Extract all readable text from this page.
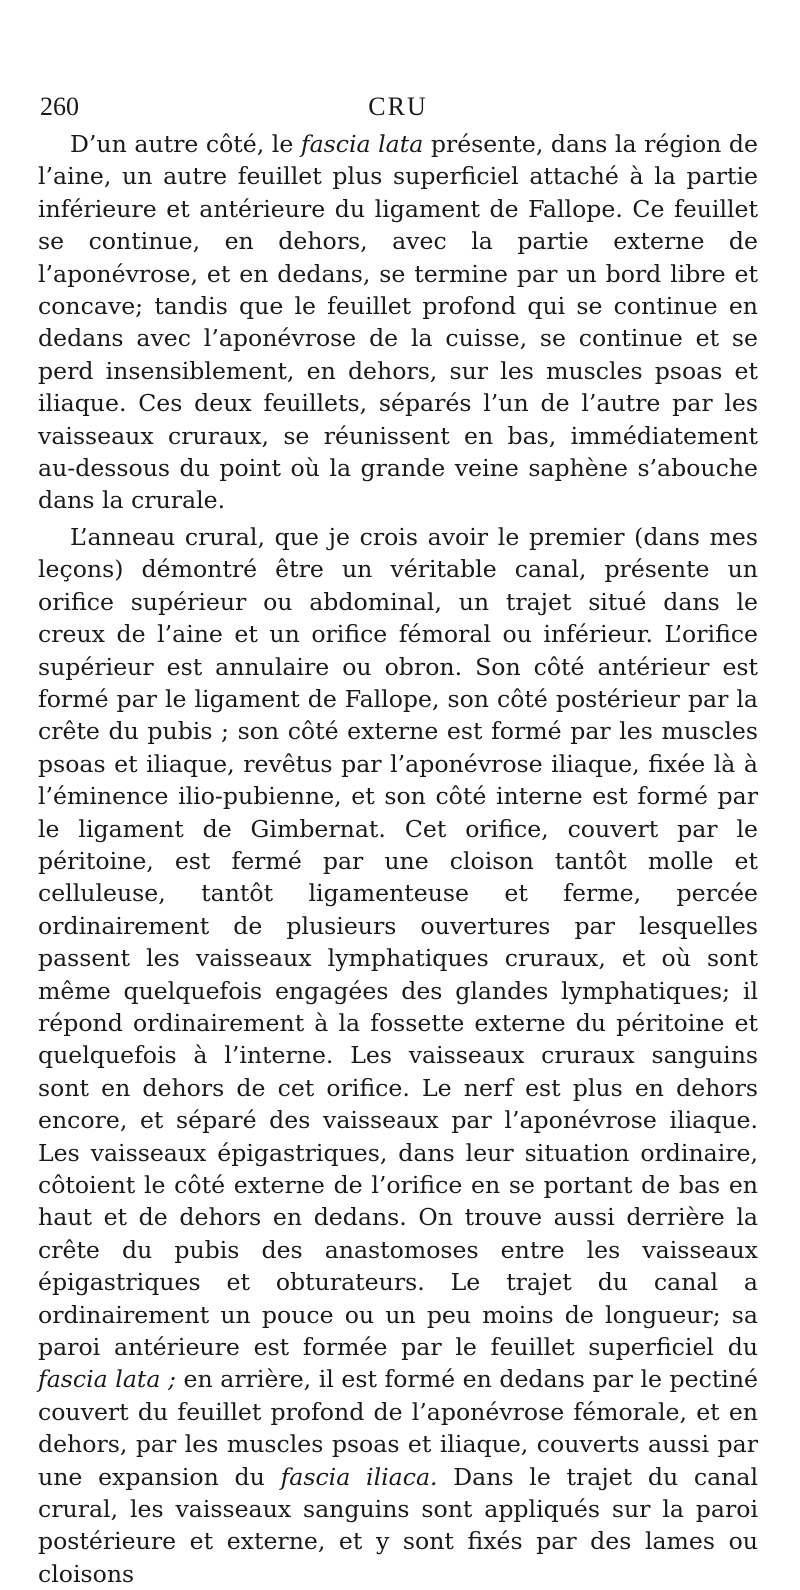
260	CRU

D’un autre côté, le fascia lata présente, dans la région de l’aine, un autre feuillet plus superficiel attaché à la partie inférieure et antérieure du ligament de Fallope. Ce feuillet se continue, en dehors, avec la partie externe de l’aponévrose, et en dedans, se termine par un bord libre et concave; tandis que le feuillet profond qui se continue en dedans avec l’aponévrose de la cuisse, se continue et se perd insensiblement, en dehors, sur les muscles psoas et iliaque. Ces deux feuillets, séparés l’un de l’autre par les vaisseaux cruraux, se réunissent en bas, immédiatement au-dessous du point où la grande veine saphène s’abouche dans la crurale.

L’anneau crural, que je crois avoir le premier (dans mes leçons) démontré être un véritable canal, présente un orifice supérieur ou abdominal, un trajet situé dans le creux de l’aine et un orifice fémoral ou inférieur. L’orifice supérieur est annulaire ou obron. Son côté antérieur est formé par le ligament de Fallope, son côté postérieur par la crête du pubis ; son côté externe est formé par les muscles psoas et iliaque, revêtus par l’aponévrose iliaque, fixée là à l’éminence ilio-pubienne, et son côté interne est formé par le ligament de Gimbernat. Cet orifice, couvert par le péritoine, est fermé par une cloison tantôt molle et celluleuse, tantôt ligamenteuse et ferme, percée ordinairement de plusieurs ouvertures par lesquelles passent les vaisseaux lymphatiques cruraux, et où sont même quelquefois engagées des glandes lymphatiques; il répond ordinairement à la fossette externe du péritoine et quelquefois à l’interne. Les vaisseaux cruraux sanguins sont en dehors de cet orifice. Le nerf est plus en dehors encore, et séparé des vaisseaux par l’aponévrose iliaque. Les vaisseaux épigastriques, dans leur situation ordinaire, côtoient le côté externe de l’orifice en se portant de bas en haut et de dehors en dedans. On trouve aussi derrière la crête du pubis des anastomoses entre les vaisseaux épigastriques et obturateurs. Le trajet du canal a ordinairement un pouce ou un peu moins de longueur; sa paroi antérieure est formée par le feuillet superficiel du fascia lata ; en arrière, il est formé en dedans par le pectiné couvert du feuillet profond de l’aponévrose fémorale, et en dehors, par les muscles psoas et iliaque, couverts aussi par une expansion du fascia iliaca. Dans le trajet du canal crural, les vaisseaux sanguins sont appliqués sur la paroi postérieure et externe, et y sont fixés par des lames ou cloisons
